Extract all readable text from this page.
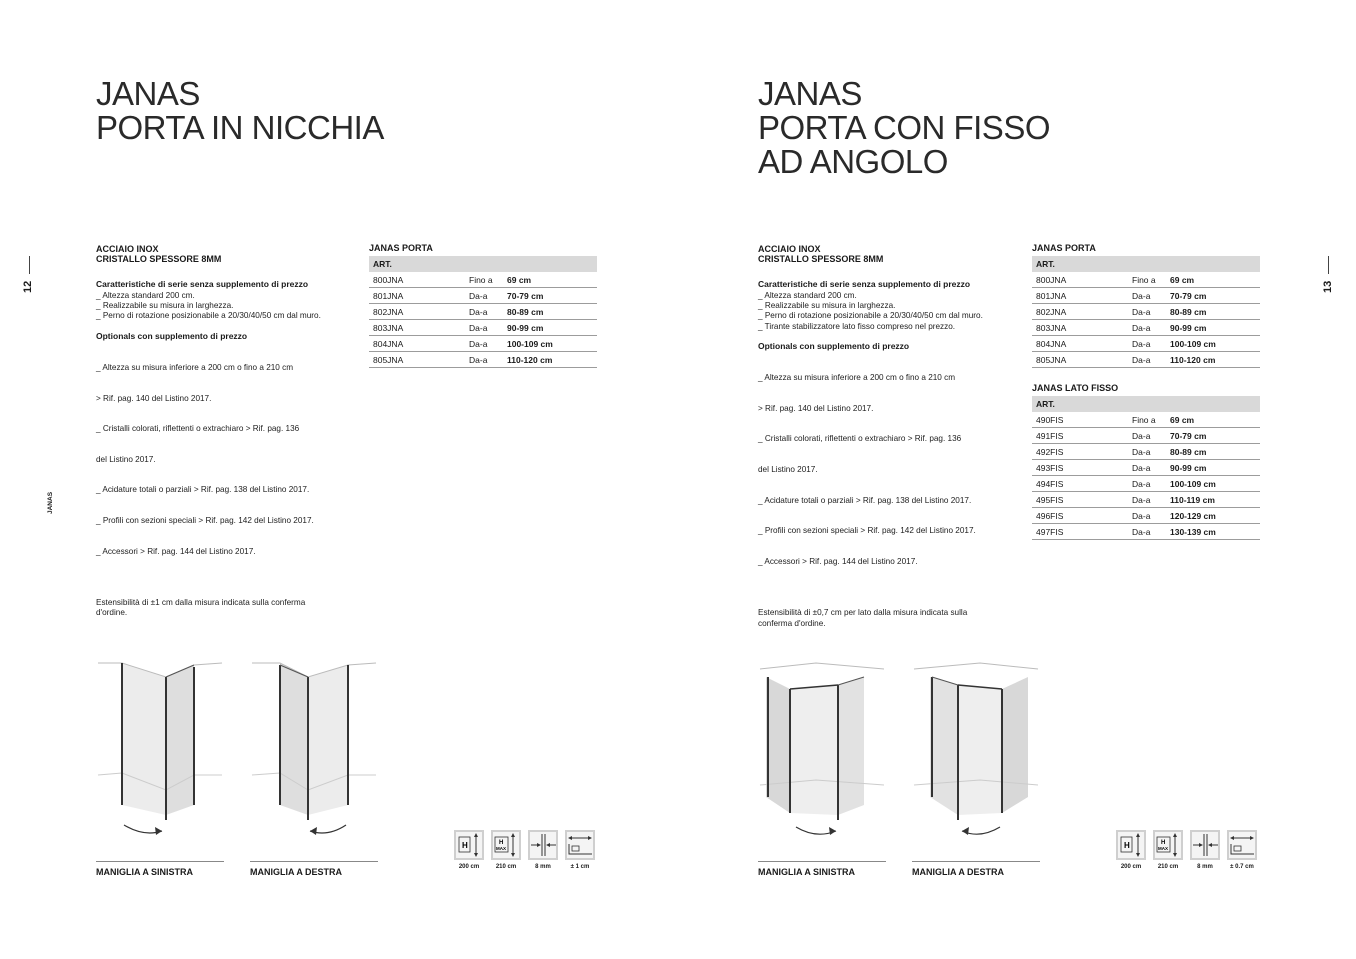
12
JANAS
JANAS
PORTA IN NICCHIA
ACCIAIO INOX
CRISTALLO SPESSORE 8MM
Caratteristiche di serie senza supplemento di prezzo
_ Altezza standard 200 cm.
_ Realizzabile su misura in larghezza.
_ Perno di rotazione posizionabile a 20/30/40/50 cm dal muro.
Optionals con supplemento di prezzo

_ Altezza su misura inferiore a 200 cm o fino a 210 cm

> Rif. pag. 140 del Listino 2017.

_ Cristalli colorati, riflettenti o extrachiaro > Rif. pag. 136

del Listino 2017.

_ Acidature totali o parziali > Rif. pag. 138 del Listino 2017.

_ Profili con sezioni speciali > Rif. pag. 142 del Listino 2017.

_ Accessori > Rif. pag. 144 del Listino 2017.

Estensibilità di ±1 cm dalla misura indicata sulla conferma
d'ordine.
JANAS PORTA
ART.		
800JNA	Fino a	69 cm
801JNA	Da-a	70-79 cm
802JNA	Da-a	80-89 cm
803JNA	Da-a	90-99 cm
804JNA	Da-a	100-109 cm
805JNA	Da-a	110-120 cm
MANIGLIA A SINISTRA	MANIGLIA A DESTRA
H	H
MAX
200 cm	210 cm	8 mm	± 1 cm
13
JANAS
PORTA CON FISSO
AD ANGOLO
ACCIAIO INOX
CRISTALLO SPESSORE 8MM
Caratteristiche di serie senza supplemento di prezzo
_ Altezza standard 200 cm.
_ Realizzabile su misura in larghezza.
_ Perno di rotazione posizionabile a 20/30/40/50 cm dal muro.
_ Tirante stabilizzatore lato fisso compreso nel prezzo.
Optionals con supplemento di prezzo

_ Altezza su misura inferiore a 200 cm o fino a 210 cm

> Rif. pag. 140 del Listino 2017.

_ Cristalli colorati, riflettenti o extrachiaro > Rif. pag. 136

del Listino 2017.

_ Acidature totali o parziali > Rif. pag. 138 del Listino 2017.

_ Profili con sezioni speciali > Rif. pag. 142 del Listino 2017.

_ Accessori > Rif. pag. 144 del Listino 2017.

Estensibilità di ±0,7 cm per lato dalla misura indicata sulla
conferma d'ordine.
JANAS PORTA
ART.		
800JNA	Fino a	69 cm
801JNA	Da-a	70-79 cm
802JNA	Da-a	80-89 cm
803JNA	Da-a	90-99 cm
804JNA	Da-a	100-109 cm
805JNA	Da-a	110-120 cm
JANAS LATO FISSO
ART.		
490FIS	Fino a	69 cm
491FIS	Da-a	70-79 cm
492FIS	Da-a	80-89 cm
493FIS	Da-a	90-99 cm
494FIS	Da-a	100-109 cm
495FIS	Da-a	110-119 cm
496FIS	Da-a	120-129 cm
497FIS	Da-a	130-139 cm
MANIGLIA A SINISTRA	MANIGLIA A DESTRA
H	H
MAX
200 cm	210 cm	8 mm	± 0.7 cm
